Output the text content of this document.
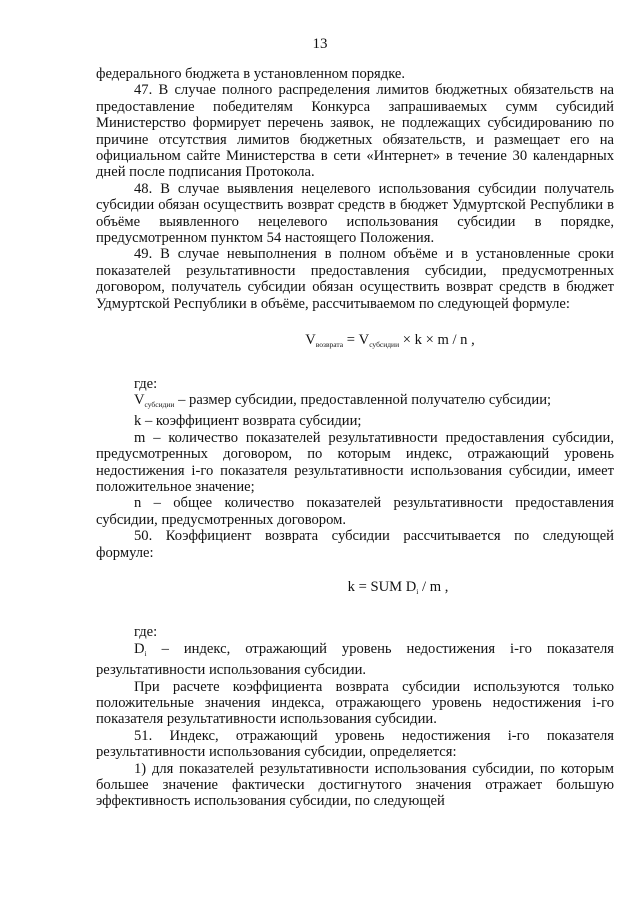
13

федерального бюджета в установленном порядке.

47. В случае полного распределения лимитов бюджетных обязательств на предоставление победителям Конкурса запрашиваемых сумм субсидий Министерство формирует перечень заявок, не подлежащих субсидированию по причине отсутствия лимитов бюджетных обязательств, и размещает его на официальном сайте Министерства в сети «Интернет» в течение 30 календарных дней после подписания Протокола.

48. В случае выявления нецелевого использования субсидии получатель субсидии обязан осуществить возврат средств в бюджет Удмуртской Республики в объёме выявленного нецелевого использования субсидии в порядке, предусмотренном пунктом 54 настоящего Положения.

49. В случае невыполнения в полном объёме и в установленные сроки показателей результативности предоставления субсидии, предусмотренных договором, получатель субсидии обязан осуществить возврат средств в бюджет Удмуртской Республики в объёме, рассчитываемом по следующей формуле:

$V_{возврата} = V_{субсидии} \times k \times m / n$ ,

где:

$V_{субсидии}$ – размер субсидии, предоставленной получателю субсидии;

k – коэффициент возврата субсидии;

m – количество показателей результативности предоставления субсидии, предусмотренных договором, по которым индекс, отражающий уровень недостижения i-го показателя результативности использования субсидии, имеет положительное значение;

n – общее количество показателей результативности предоставления субсидии, предусмотренных договором.

50. Коэффициент возврата субсидии рассчитывается по следующей формуле:

k = SUM $D_i$ / m ,

где:

$D_i$ – индекс, отражающий уровень недостижения i-го показателя результативности использования субсидии.

При расчете коэффициента возврата субсидии используются только положительные значения индекса, отражающего уровень недостижения i-го показателя результативности использования субсидии.

51. Индекс, отражающий уровень недостижения i-го показателя результативности использования субсидии, определяется:

1) для показателей результативности использования субсидии, по которым большее значение фактически достигнутого значения отражает большую эффективность использования субсидии, по следующей
